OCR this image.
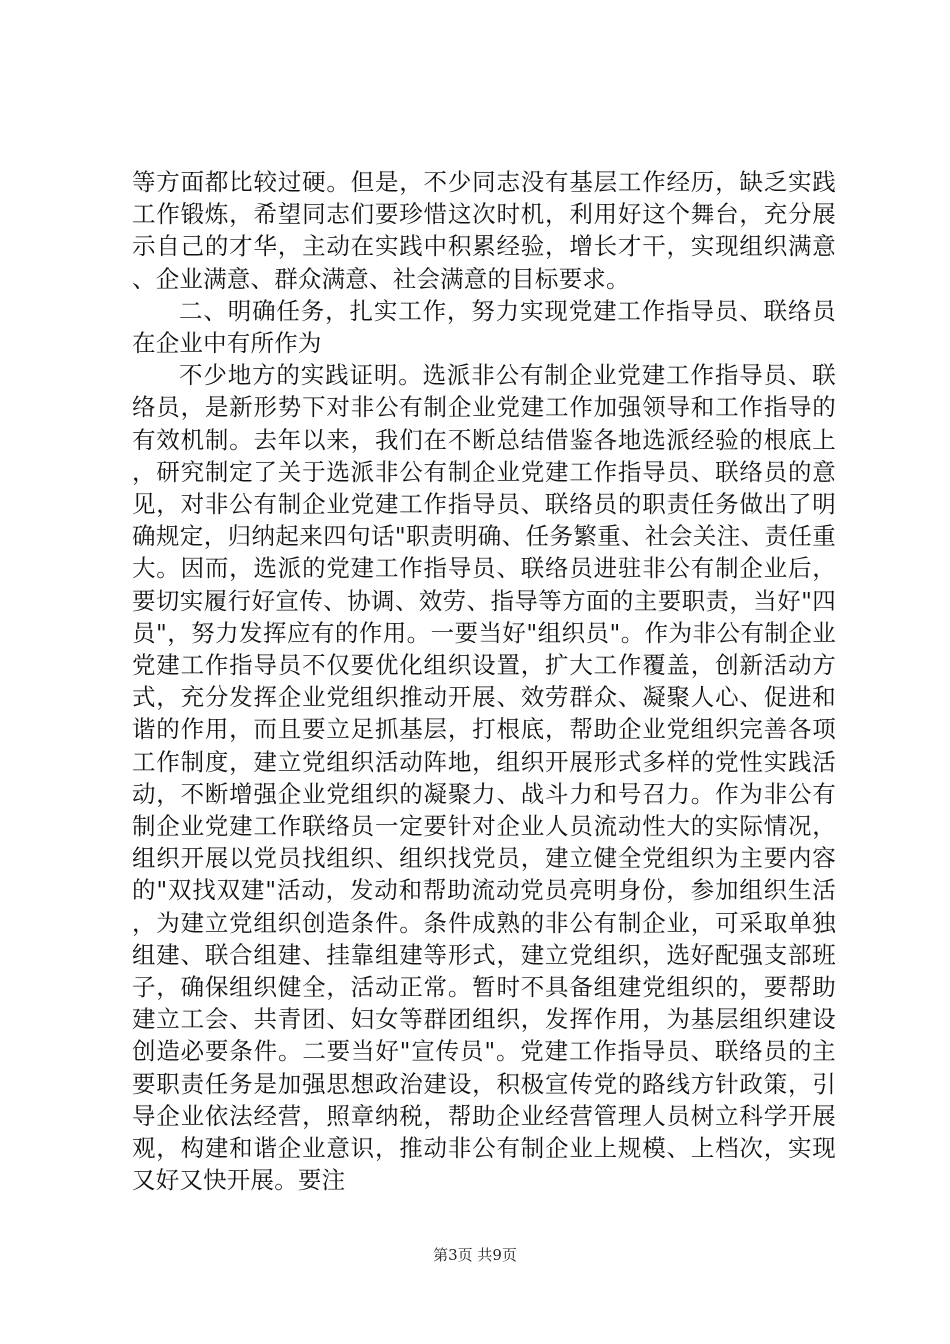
等方面都比较过硬。但是，不少同志没有基层工作经历，缺乏实践工作锻炼，希望同志们要珍惜这次时机，利用好这个舞台，充分展示自己的才华，主动在实践中积累经验，增长才干，实现组织满意、企业满意、群众满意、社会满意的目标要求。

二、明确任务，扎实工作，努力实现党建工作指导员、联络员在企业中有所作为

不少地方的实践证明。选派非公有制企业党建工作指导员、联络员，是新形势下对非公有制企业党建工作加强领导和工作指导的有效机制。去年以来，我们在不断总结借鉴各地选派经验的根底上，研究制定了关于选派非公有制企业党建工作指导员、联络员的意见，对非公有制企业党建工作指导员、联络员的职责任务做出了明确规定，归纳起来四句话"职责明确、任务繁重、社会关注、责任重大。因而，选派的党建工作指导员、联络员进驻非公有制企业后，要切实履行好宣传、协调、效劳、指导等方面的主要职责，当好"四员"，努力发挥应有的作用。一要当好"组织员"。作为非公有制企业党建工作指导员不仅要优化组织设置，扩大工作覆盖，创新活动方式，充分发挥企业党组织推动开展、效劳群众、凝聚人心、促进和谐的作用，而且要立足抓基层，打根底，帮助企业党组织完善各项工作制度，建立党组织活动阵地，组织开展形式多样的党性实践活动，不断增强企业党组织的凝聚力、战斗力和号召力。作为非公有制企业党建工作联络员一定要针对企业人员流动性大的实际情况，组织开展以党员找组织、组织找党员，建立健全党组织为主要内容的"双找双建"活动，发动和帮助流动党员亮明身份，参加组织生活，为建立党组织创造条件。条件成熟的非公有制企业，可采取单独组建、联合组建、挂靠组建等形式，建立党组织，选好配强支部班子，确保组织健全，活动正常。暂时不具备组建党组织的，要帮助建立工会、共青团、妇女等群团组织，发挥作用，为基层组织建设创造必要条件。二要当好"宣传员"。党建工作指导员、联络员的主要职责任务是加强思想政治建设，积极宣传党的路线方针政策，引导企业依法经营，照章纳税，帮助企业经营管理人员树立科学开展观，构建和谐企业意识，推动非公有制企业上规模、上档次，实现又好又快开展。要注

第3页 共9页
